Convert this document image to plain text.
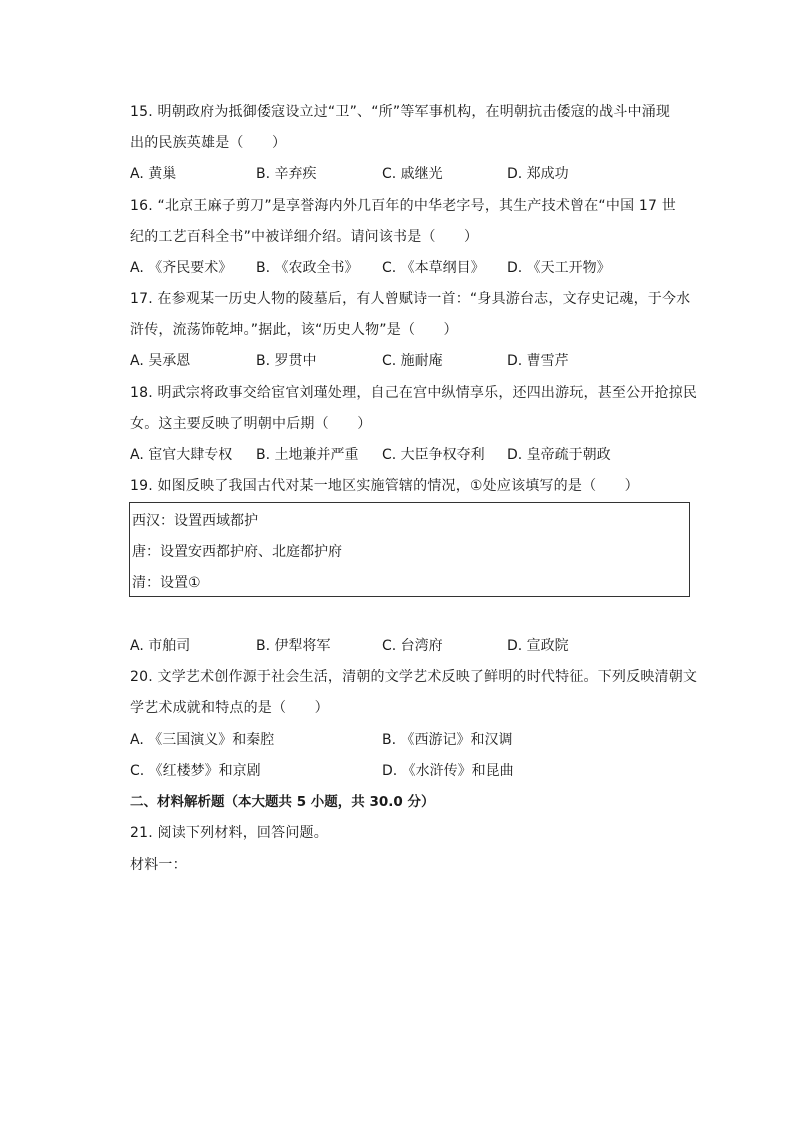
15. 明朝政府为抵御倭寇设立过“卫”、“所”等军事机构，在明朝抗击倭寇的战斗中涌现
出的民族英雄是（　　）
A. 黄巢	B. 辛弃疾	C. 戚继光	D. 郑成功
16. “北京王麻子剪刀”是享誉海内外几百年的中华老字号，其生产技术曾在“中国 17 世
纪的工艺百科全书”中被详细介绍。请问该书是（　　）
A. 《齐民要术》 B. 《农政全书》 C. 《本草纲目》 D. 《天工开物》
17. 在参观某一历史人物的陵墓后，有人曾赋诗一首：“身具游台志，文存史记魂，于今水
浒传，流荡饰乾坤。”据此，该“历史人物”是（　　）
A. 吴承恩	B. 罗贯中	C. 施耐庵	D. 曹雪芹
18. 明武宗将政事交给宦官刘瑾处理，自己在宫中纵情享乐，还四出游玩，甚至公开抢掠民
女。这主要反映了明朝中后期（　　）
A. 宦官大肆专权 B. 土地兼并严重 C. 大臣争权夺利 D. 皇帝疏于朝政
19. 如图反映了我国古代对某一地区实施管辖的情况，①处应该填写的是（　　）
西汉：设置西域都护
唐：设置安西都护府、北庭都护府
清：设置①
A. 市舶司	B. 伊犁将军	C. 台湾府	D. 宣政院
20. 文学艺术创作源于社会生活，清朝的文学艺术反映了鲜明的时代特征。下列反映清朝文
学艺术成就和特点的是（　　）
A. 《三国演义》和秦腔	B. 《西游记》和汉调
C. 《红楼梦》和京剧	D. 《水浒传》和昆曲
二、材料解析题（本大题共 5 小题，共 30.0 分）
21. 阅读下列材料，回答问题。
材料一：
